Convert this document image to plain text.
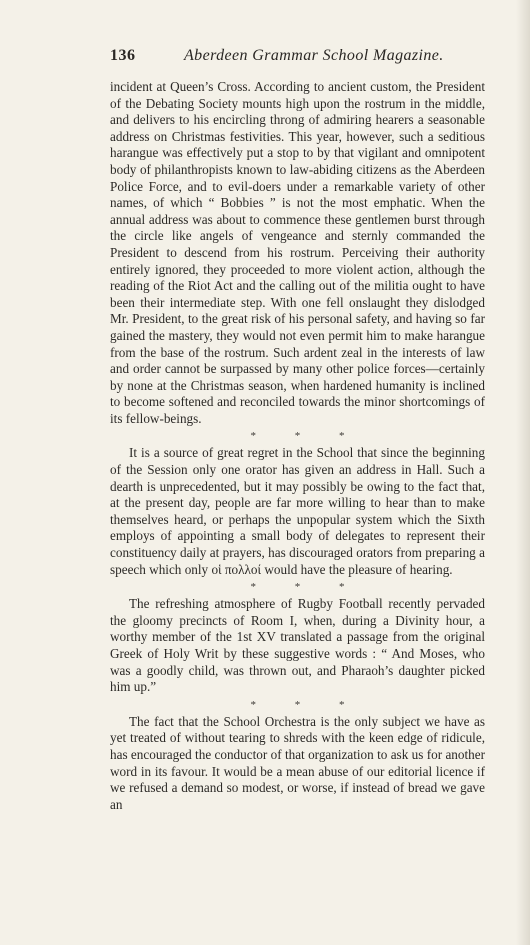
136	Aberdeen Grammar School Magazine.

incident at Queen’s Cross. According to ancient custom, the President of the Debating Society mounts high upon the rostrum in the middle, and delivers to his encircling throng of admiring hearers a seasonable address on Christmas festivities. This year, however, such a seditious harangue was effectively put a stop to by that vigilant and omnipotent body of philanthropists known to law-abiding citizens as the Aberdeen Police Force, and to evil-doers under a remarkable variety of other names, of which “ Bobbies ” is not the most emphatic. When the annual address was about to commence these gentlemen burst through the circle like angels of vengeance and sternly commanded the President to descend from his rostrum. Perceiving their authority entirely ignored, they proceeded to more violent action, although the reading of the Riot Act and the calling out of the militia ought to have been their intermediate step. With one fell onslaught they dislodged Mr. President, to the great risk of his personal safety, and having so far gained the mastery, they would not even permit him to make harangue from the base of the rostrum. Such ardent zeal in the interests of law and order cannot be surpassed by many other police forces—certainly by none at the Christmas season, when hardened humanity is inclined to become softened and reconciled towards the minor shortcomings of its fellow-beings.

* * *

It is a source of great regret in the School that since the beginning of the Session only one orator has given an address in Hall. Such a dearth is unprecedented, but it may possibly be owing to the fact that, at the present day, people are far more willing to hear than to make themselves heard, or perhaps the unpopular system which the Sixth employs of appointing a small body of delegates to represent their constituency daily at prayers, has discouraged orators from preparing a speech which only οἱ πολλοί would have the pleasure of hearing.

* * *

The refreshing atmosphere of Rugby Football recently pervaded the gloomy precincts of Room I, when, during a Divinity hour, a worthy member of the 1st XV translated a passage from the original Greek of Holy Writ by these suggestive words : “ And Moses, who was a goodly child, was thrown out, and Pharaoh’s daughter picked him up.”

* * *

The fact that the School Orchestra is the only subject we have as yet treated of without tearing to shreds with the keen edge of ridicule, has encouraged the conductor of that organization to ask us for another word in its favour. It would be a mean abuse of our editorial licence if we refused a demand so modest, or worse, if instead of bread we gave an
